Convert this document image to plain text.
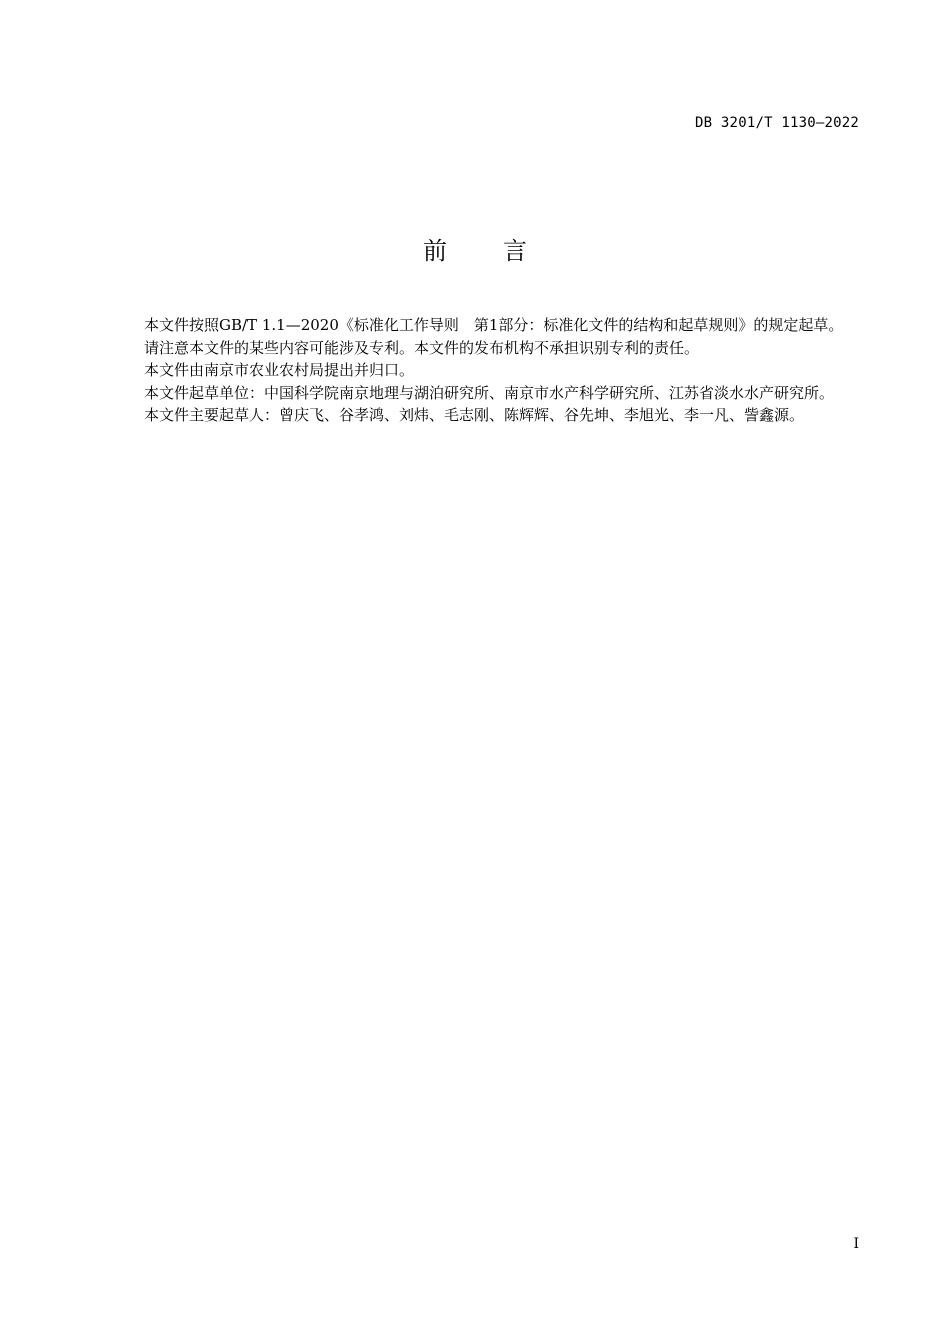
DB 3201/T 1130—2022
前 言

本文件按照GB/T 1.1—2020《标准化工作导则　第1部分：标准化文件的结构和起草规则》的规定起草。

请注意本文件的某些内容可能涉及专利。本文件的发布机构不承担识别专利的责任。

本文件由南京市农业农村局提出并归口。

本文件起草单位：中国科学院南京地理与湖泊研究所、南京市水产科学研究所、江苏省淡水水产研究所。

本文件主要起草人：曾庆飞、谷孝鸿、刘炜、毛志刚、陈辉辉、谷先坤、李旭光、李一凡、訾鑫源。

I
